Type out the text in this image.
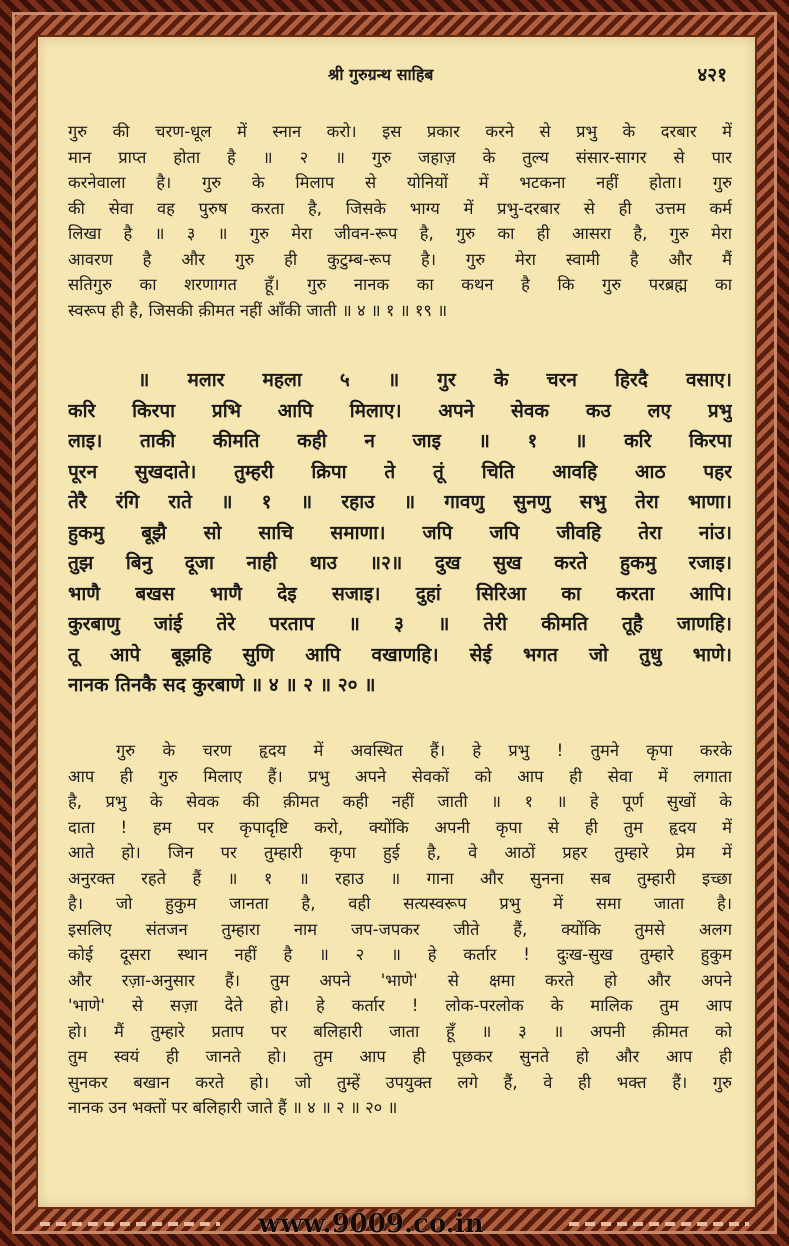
श्री गुरुग्रन्थ साहिब	४२१
गुरु की चरण-धूल में स्नान करो। इस प्रकार करने से प्रभु के दरबार में
मान प्राप्त होता है ॥ २ ॥ गुरु जहाज़ के तुल्य संसार-सागर से पार
करनेवाला है। गुरु के मिलाप से योनियों में भटकना नहीं होता। गुरु
की सेवा वह पुरुष करता है, जिसके भाग्य में प्रभु-दरबार से ही उत्तम कर्म
लिखा है ॥ ३ ॥ गुरु मेरा जीवन-रूप है, गुरु का ही आसरा है, गुरु मेरा
आवरण है और गुरु ही कुटुम्ब-रूप है। गुरु मेरा स्वामी है और मैं
सतिगुरु का शरणागत हूँ। गुरु नानक का कथन है कि गुरु परब्रह्म का
स्वरूप ही है, जिसकी क़ीमत नहीं आँकी जाती ॥ ४ ॥ १ ॥ १९ ॥
॥ मलार महला ५ ॥ गुर के चरन हिरदै वसाए।
करि किरपा प्रभि आपि मिलाए। अपने सेवक कउ लए प्रभु
लाइ। ताकी कीमति कही न जाइ ॥ १ ॥ करि किरपा
पूरन सुखदाते। तुम्हरी क्रिपा ते तूं चिति आवहि आठ पहर
तेरै रंगि राते ॥ १ ॥ रहाउ ॥ गावणु सुनणु सभु तेरा भाणा।
हुकमु बूझै सो साचि समाणा। जपि जपि जीवहि तेरा नांउ।
तुझ बिनु दूजा नाही थाउ ॥२॥ दुख सुख करते हुकमु रजाइ।
भाणै बखस भाणै देइ सजाइ। दुहां सिरिआ का करता आपि।
कुरबाणु जांई तेरे परताप ॥ ३ ॥ तेरी कीमति तूहै जाणहि।
तू आपे बूझहि सुणि आपि वखाणहि। सेई भगत जो तुधु भाणे।
नानक तिनकै सद कुरबाणे ॥ ४ ॥ २ ॥ २० ॥
गुरु के चरण हृदय में अवस्थित हैं। हे प्रभु ! तुमने कृपा करके
आप ही गुरु मिलाए हैं। प्रभु अपने सेवकों को आप ही सेवा में लगाता
है, प्रभु के सेवक की क़ीमत कही नहीं जाती ॥ १ ॥ हे पूर्ण सुखों के
दाता ! हम पर कृपादृष्टि करो, क्योंकि अपनी कृपा से ही तुम हृदय में
आते हो। जिन पर तुम्हारी कृपा हुई है, वे आठों प्रहर तुम्हारे प्रेम में
अनुरक्त रहते हैं ॥ १ ॥ रहाउ ॥ गाना और सुनना सब तुम्हारी इच्छा
है। जो हुकुम जानता है, वही सत्यस्वरूप प्रभु में समा जाता है।
इसलिए संतजन तुम्हारा नाम जप-जपकर जीते हैं, क्योंकि तुमसे अलग
कोई दूसरा स्थान नहीं है ॥ २ ॥ हे कर्तार ! दुःख-सुख तुम्हारे हुकुम
और रज़ा-अनुसार हैं। तुम अपने 'भाणे' से क्षमा करते हो और अपने
'भाणे' से सज़ा देते हो। हे कर्तार ! लोक-परलोक के मालिक तुम आप
हो। मैं तुम्हारे प्रताप पर बलिहारी जाता हूँ ॥ ३ ॥ अपनी क़ीमत को
तुम स्वयं ही जानते हो। तुम आप ही पूछकर सुनते हो और आप ही
सुनकर बखान करते हो। जो तुम्हें उपयुक्त लगे हैं, वे ही भक्त हैं। गुरु
नानक उन भक्तों पर बलिहारी जाते हैं ॥ ४ ॥ २ ॥ २० ॥
www.9009.co.in
